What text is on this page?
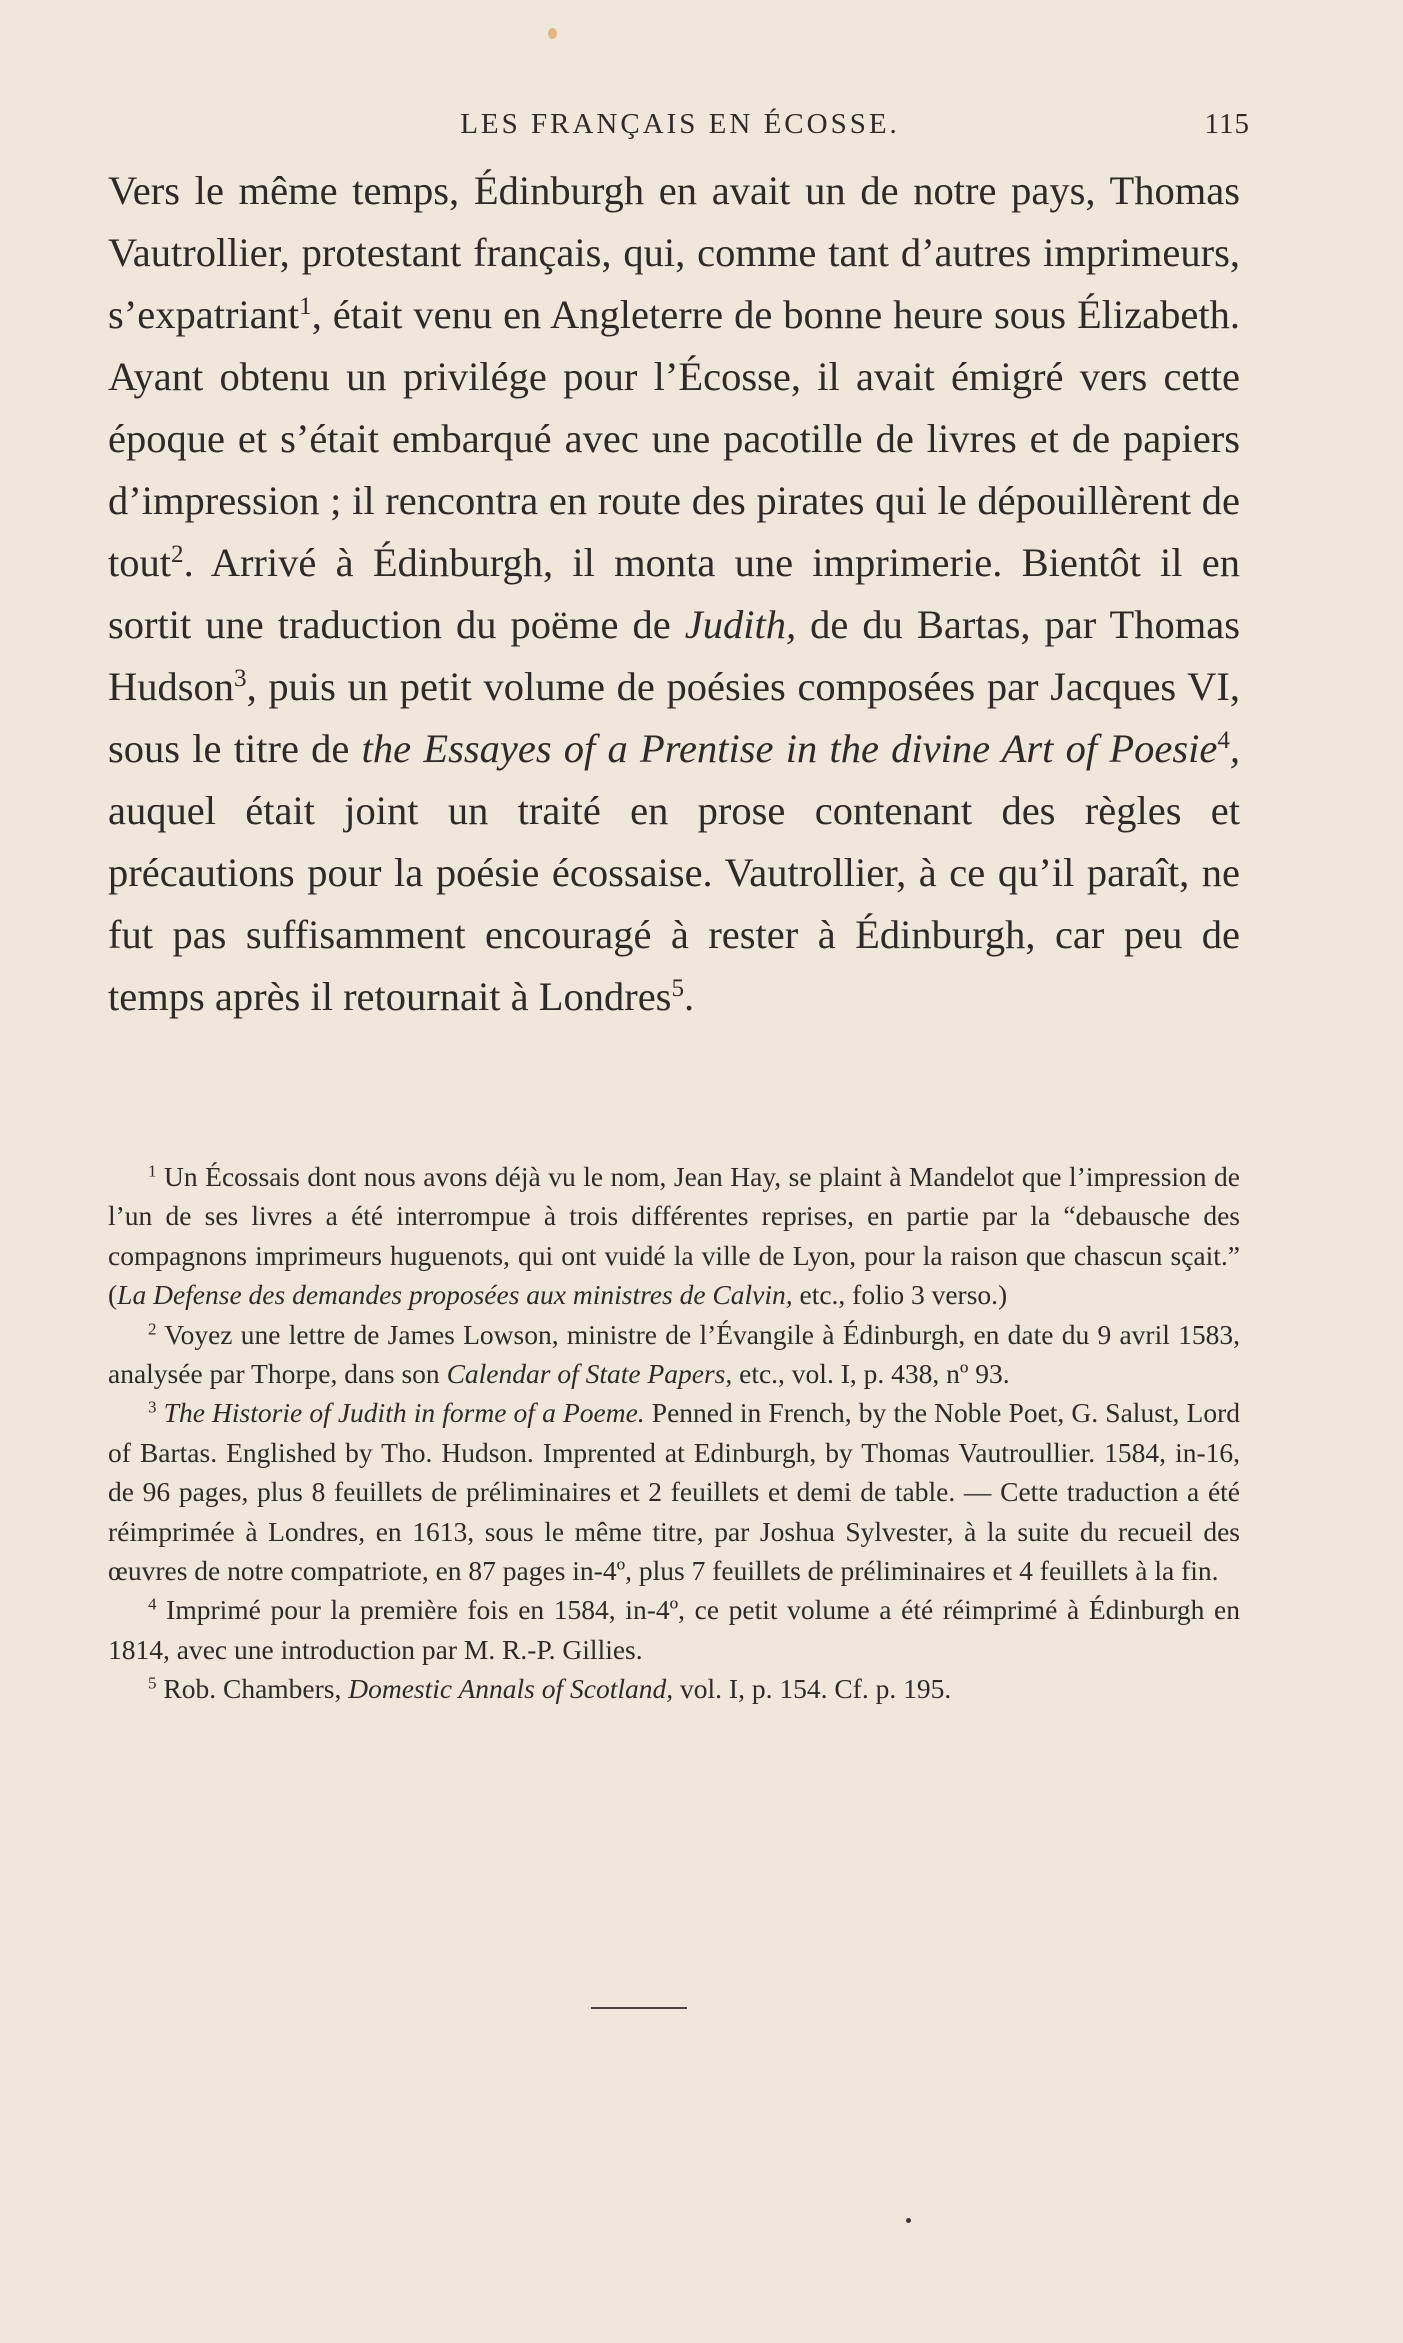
LES FRANÇAIS EN ÉCOSSE.	115

Vers le même temps, Édinburgh en avait un de notre pays, Thomas Vautrollier, protestant français, qui, comme tant d’autres imprimeurs, s’expatriant$^1$, était venu en Angleterre de bonne heure sous Élizabeth. Ayant obtenu un privilége pour l’Écosse, il avait émigré vers cette époque et s’était embarqué avec une pacotille de livres et de papiers d’impression ; il rencontra en route des pirates qui le dépouillèrent de tout$^2$. Arrivé à Édinburgh, il monta une imprimerie. Bientôt il en sortit une traduction du poëme de Judith, de du Bartas, par Thomas Hudson$^3$, puis un petit volume de poésies composées par Jacques VI, sous le titre de the Essayes of a Prentise in the divine Art of Poesie$^4$, auquel était joint un traité en prose contenant des règles et précautions pour la poésie écossaise. Vautrollier, à ce qu’il paraît, ne fut pas suffisamment encouragé à rester à Édinburgh, car peu de temps après il retournait à Londres$^5$.

$^1$ Un Écossais dont nous avons déjà vu le nom, Jean Hay, se plaint à Mandelot que l’impression de l’un de ses livres a été interrompue à trois différentes reprises, en partie par la “debausche des compagnons imprimeurs huguenots, qui ont vuidé la ville de Lyon, pour la raison que chascun sçait.” (La Defense des demandes proposées aux ministres de Calvin, etc., folio 3 verso.)

$^2$ Voyez une lettre de James Lowson, ministre de l’Évangile à Édinburgh, en date du 9 avril 1583, analysée par Thorpe, dans son Calendar of State Papers, etc., vol. I, p. 438, nº 93.

$^3$ The Historie of Judith in forme of a Poeme. Penned in French, by the Noble Poet, G. Salust, Lord of Bartas. Englished by Tho. Hudson. Imprented at Edinburgh, by Thomas Vautroullier. 1584, in-16, de 96 pages, plus 8 feuillets de préliminaires et 2 feuillets et demi de table. — Cette traduction a été réimprimée à Londres, en 1613, sous le même titre, par Joshua Sylvester, à la suite du recueil des œuvres de notre compatriote, en 87 pages in-4º, plus 7 feuillets de préliminaires et 4 feuillets à la fin.

$^4$ Imprimé pour la première fois en 1584, in-4º, ce petit volume a été réimprimé à Édinburgh en 1814, avec une introduction par M. R.-P. Gillies.

$^5$ Rob. Chambers, Domestic Annals of Scotland, vol. I, p. 154. Cf. p. 195.
